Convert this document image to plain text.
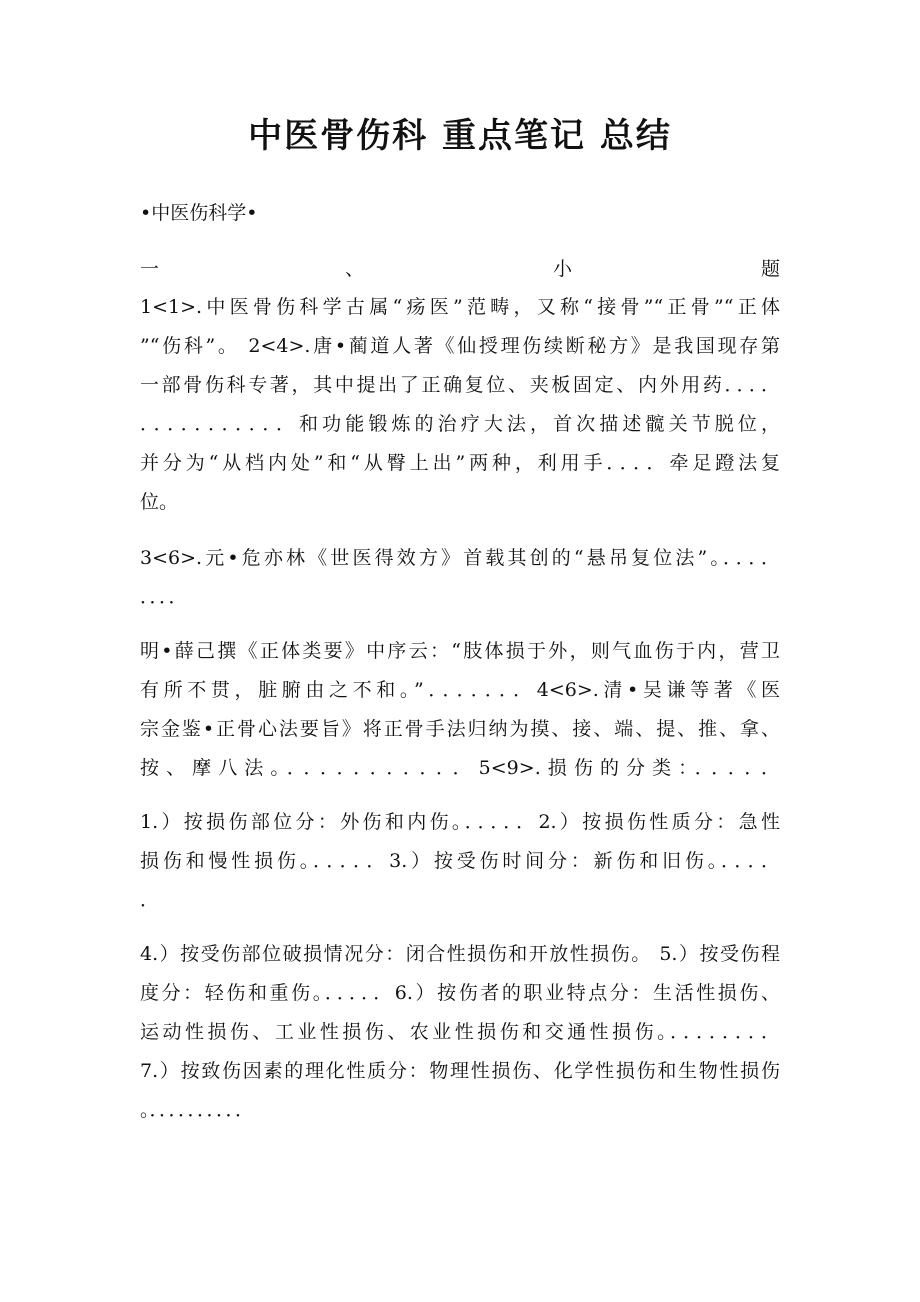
中医骨伤科 重点笔记 总结
•中医伤科学•
一	、	小	题
1<1>.中医骨伤科学古属“疡医”范畴，又称“接骨”“正骨”“正体
”“伤科”。 2<4>.唐•蔺道人著《仙授理伤续断秘方》是我国现存第
一部骨伤科专著，其中提出了正确复位、夹板固定、内外用药．．．．
．．．．．．．．．．．和功能锻炼的治疗大法，首次描述髋关节脱位，
并分为“从档内处”和“从臀上出”两种，利用手．．．．牵足蹬法复
位。
3<6>.元•危亦林《世医得效方》首载其创的“悬吊复位法”。．．．．
．．．．
明•薛己撰《正体类要》中序云：“肢体损于外，则气血伤于内，营卫
有所不贯，脏腑由之不和。”．．．．．．．4<6>.清•吴谦等著《医
宗金鉴•正骨心法要旨》将正骨手法归纳为摸、接、端、提、推、拿、
按、摩八法。．．．．．．．．．．．5<9>.损伤的分类：．．．．．
1.）按损伤部位分：外伤和内伤。．．．．．2.）按损伤性质分：急性
损伤和慢性损伤。．．．．．3.）按受伤时间分：新伤和旧伤。．．．．
．
4.）按受伤部位破损情况分：闭合性损伤和开放性损伤。 5.）按受伤程
度分：轻伤和重伤。．．．．．6.）按伤者的职业特点分：生活性损伤、
运动性损伤、工业性损伤、农业性损伤和交通性损伤。．．．．．．．．
7.）按致伤因素的理化性质分：物理性损伤、化学性损伤和生物性损伤
。．．．．．．．．．．
